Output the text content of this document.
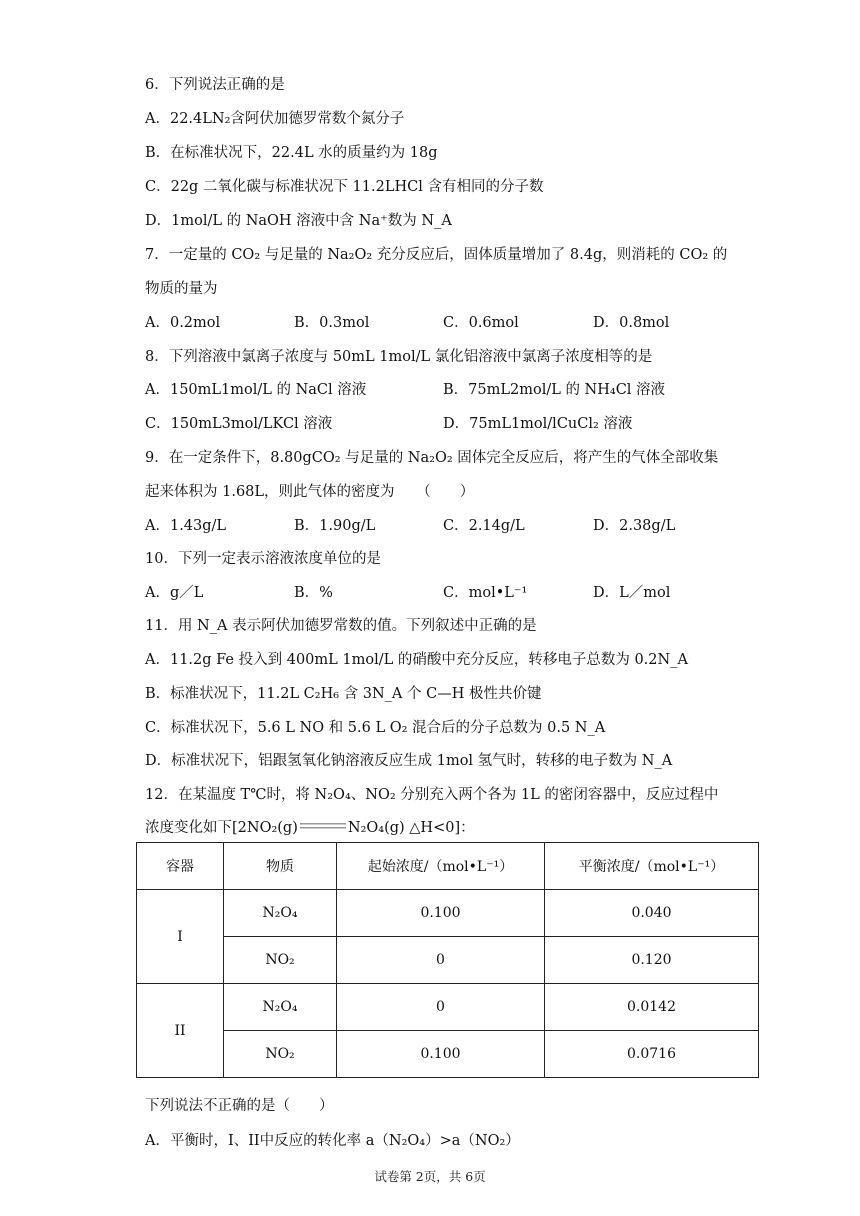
6．下列说法正确的是
A．22.4LN₂含阿伏加德罗常数个氮分子
B．在标准状况下，22.4L 水的质量约为 18g
C．22g 二氧化碳与标准状况下 11.2LHCl 含有相同的分子数
D．1mol/L 的 NaOH 溶液中含 Na⁺数为 N_A
7．一定量的 CO₂ 与足量的 Na₂O₂ 充分反应后，固体质量增加了 8.4g，则消耗的 CO₂ 的
物质的量为
A．0.2mol	B．0.3mol	C．0.6mol	D．0.8mol
8．下列溶液中氯离子浓度与 50mL 1mol/L 氯化铝溶液中氯离子浓度相等的是
A．150mL1mol/L 的 NaCl 溶液	B．75mL2mol/L 的 NH₄Cl 溶液
C．150mL3mol/LKCl 溶液	D．75mL1mol/lCuCl₂ 溶液
9．在一定条件下，8.80gCO₂ 与足量的 Na₂O₂ 固体完全反应后，将产生的气体全部收集
起来体积为 1.68L，则此气体的密度为　　（　　）
A．1.43g/L	B．1.90g/L	C．2.14g/L	D．2.38g/L
10．下列一定表示溶液浓度单位的是
A．g／L	B．%	C．mol•L⁻¹	D．L／mol
11．用 N_A 表示阿伏加德罗常数的值。下列叙述中正确的是
A．11.2g Fe 投入到 400mL 1mol/L 的硝酸中充分反应，转移电子总数为 0.2N_A
B．标准状况下，11.2L C₂H₆ 含 3N_A 个 C—H 极性共价键
C．标准状况下，5.6 L NO 和 5.6 L O₂ 混合后的分子总数为 0.5 N_A
D．标准状况下，铝跟氢氧化钠溶液反应生成 1mol 氢气时，转移的电子数为 N_A
12．在某温度 T℃时，将 N₂O₄、NO₂ 分别充入两个各为 1L 的密闭容器中，反应过程中
浓度变化如下[2NO₂(g)	N₂O₄(g) △H<0]：
容器	物质	起始浓度/（mol•L⁻¹）	平衡浓度/（mol•L⁻¹）
I	N₂O₄	0.100	0.040
	NO₂	0	0.120
II	N₂O₄	0	0.0142
	NO₂	0.100	0.0716
下列说法不正确的是（　　）
A．平衡时，I、II中反应的转化率 a（N₂O₄）>a（NO₂）
试卷第 2页，共 6页
